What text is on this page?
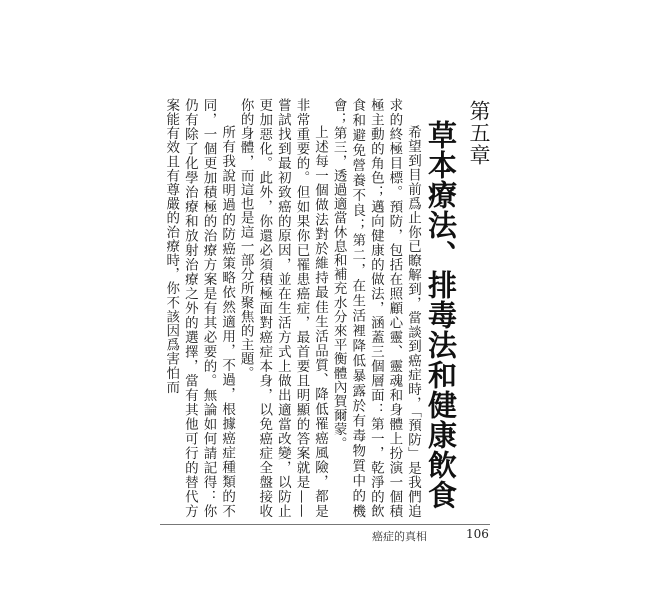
第五章
草本療法、排毒法和健康飲食

希望到目前爲止你已瞭解到，當談到癌症時，「預防」是我們追求的終極目標。預防，包括在照顧心靈、靈魂和身體上扮演一個積極主動的角色；邁向健康的做法，涵蓋三個層面：第一，乾淨的飲食和避免營養不良；第二，在生活裡降低暴露於有毒物質中的機會；第三，透過適當休息和補充水分來平衡體內賀爾蒙。

上述每一個做法對於維持最佳生活品質、降低罹癌風險，都是非常重要的。但如果你已罹患癌症，最首要且明顯的答案就是——嘗試找到最初致癌的原因，並在生活方式上做出適當改變，以防止更加惡化。此外，你還必須積極面對癌症本身，以免癌症全盤接收你的身體，而這也是這一部分所聚焦的主題。

所有我說明過的防癌策略依然適用，不過，根據癌症種類的不同，一個更加積極的治療方案是有其必要的。無論如何請記得：你仍有除了化學治療和放射治療之外的選擇，當有其他可行的替代方案能有效且有尊嚴的治療時，你不該因爲害怕而

癌症的真相	106
